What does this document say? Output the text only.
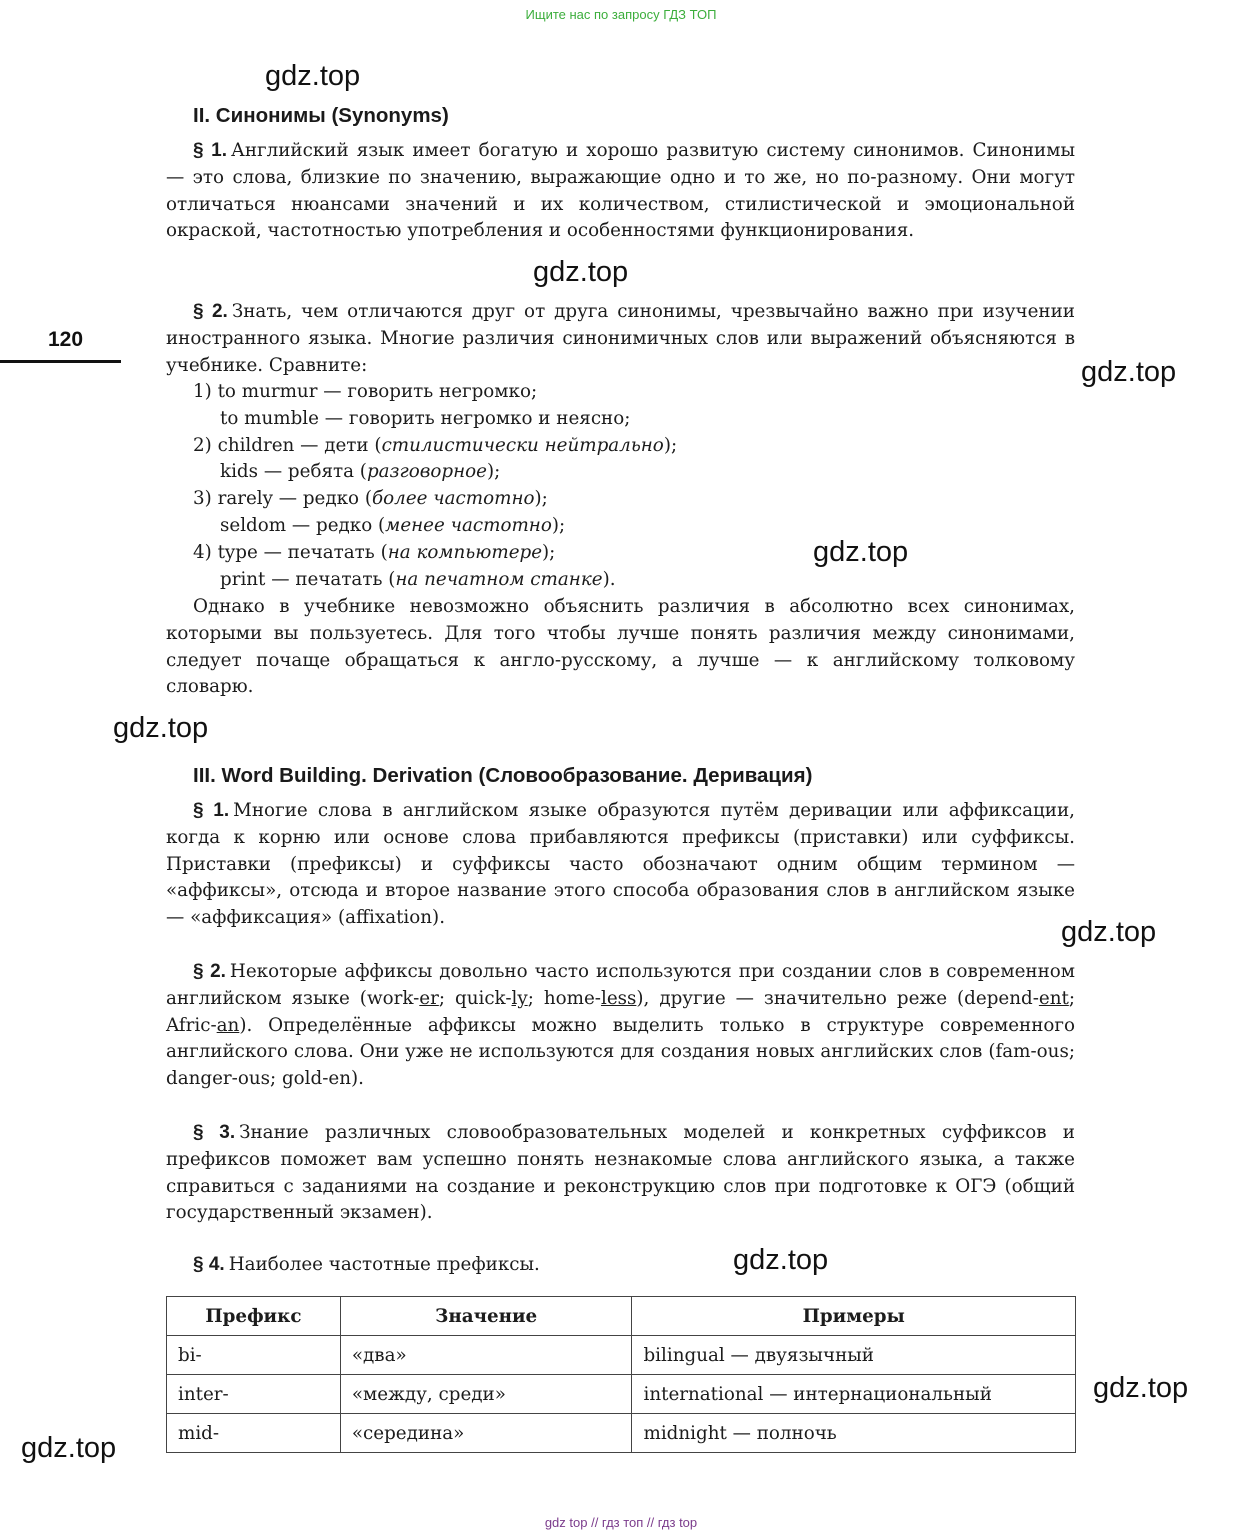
Ищите нас по запросу ГДЗ ТОП
gdz.top
gdz.top
gdz.top
gdz.top
gdz.top
gdz.top
gdz.top
gdz.top
gdz.top
120
II. Синонимы (Synonyms)
§ 1. Английский язык имеет богатую и хорошо развитую систему синонимов. Синонимы — это слова, близкие по значению, выражающие одно и то же, но по-разному. Они могут отличаться нюансами значений и их количеством, стилистической и эмоциональной окраской, частотностью употребления и особенностями функционирования.
§ 2. Знать, чем отличаются друг от друга синонимы, чрезвычайно важно при изучении иностранного языка. Многие различия синонимичных слов или выражений объясняются в учебнике. Сравните:
1) to murmur — говорить негромко;
to mumble — говорить негромко и неясно;
2) children — дети (стилистически нейтрально);
kids — ребята (разговорное);
3) rarely — редко (более частотно);
seldom — редко (менее частотно);
4) type — печатать (на компьютере);
print — печатать (на печатном станке).
Однако в учебнике невозможно объяснить различия в абсолютно всех синонимах, которыми вы пользуетесь. Для того чтобы лучше понять различия между синонимами, следует почаще обращаться к англо-русскому, а лучше — к английскому толковому словарю.
III. Word Building. Derivation (Словообразование. Деривация)
§ 1. Многие слова в английском языке образуются путём деривации или аффиксации, когда к корню или основе слова прибавляются префиксы (приставки) или суффиксы. Приставки (префиксы) и суффиксы часто обозначают одним общим термином — «аффиксы», отсюда и второе название этого способа образования слов в английском языке — «аффиксация» (affixation).
§ 2. Некоторые аффиксы довольно часто используются при создании слов в современном английском языке (work-er; quick-ly; home-less), другие — значительно реже (depend-ent; Afric-an). Определённые аффиксы можно выделить только в структуре современного английского слова. Они уже не используются для создания новых английских слов (fam-ous; danger-ous; gold-en).
§ 3. Знание различных словообразовательных моделей и конкретных суффиксов и префиксов поможет вам успешно понять незнакомые слова английского языка, а также справиться с заданиями на создание и реконструкцию слов при подготовке к ОГЭ (общий государственный экзамен).
§ 4. Наиболее частотные префиксы.
Префикс	Значение	Примеры
bi-	«два»	bilingual — двуязычный
inter-	«между, среди»	international — интернациональный
mid-	«середина»	midnight — полночь
gdz top // гдз топ // гдз top
